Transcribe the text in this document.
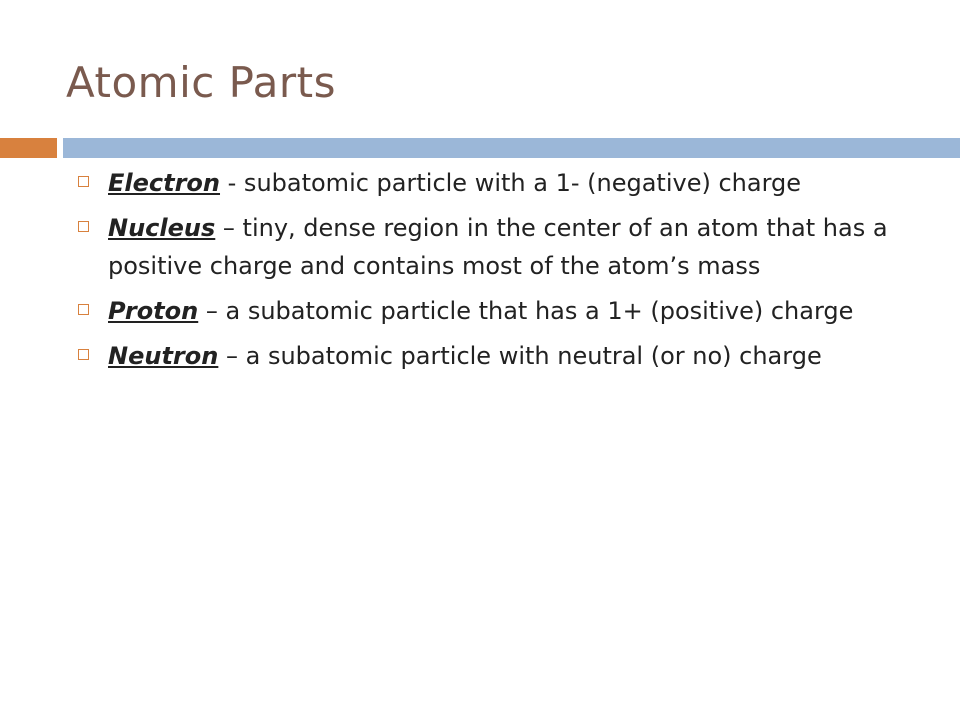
Atomic Parts
Electron - subatomic particle with a 1- (negative) charge
Nucleus – tiny, dense region in the center of an atom that has a positive charge and contains most of the atom’s mass
Proton – a subatomic particle that has a 1+ (positive) charge
Neutron – a subatomic particle with neutral (or no) charge
